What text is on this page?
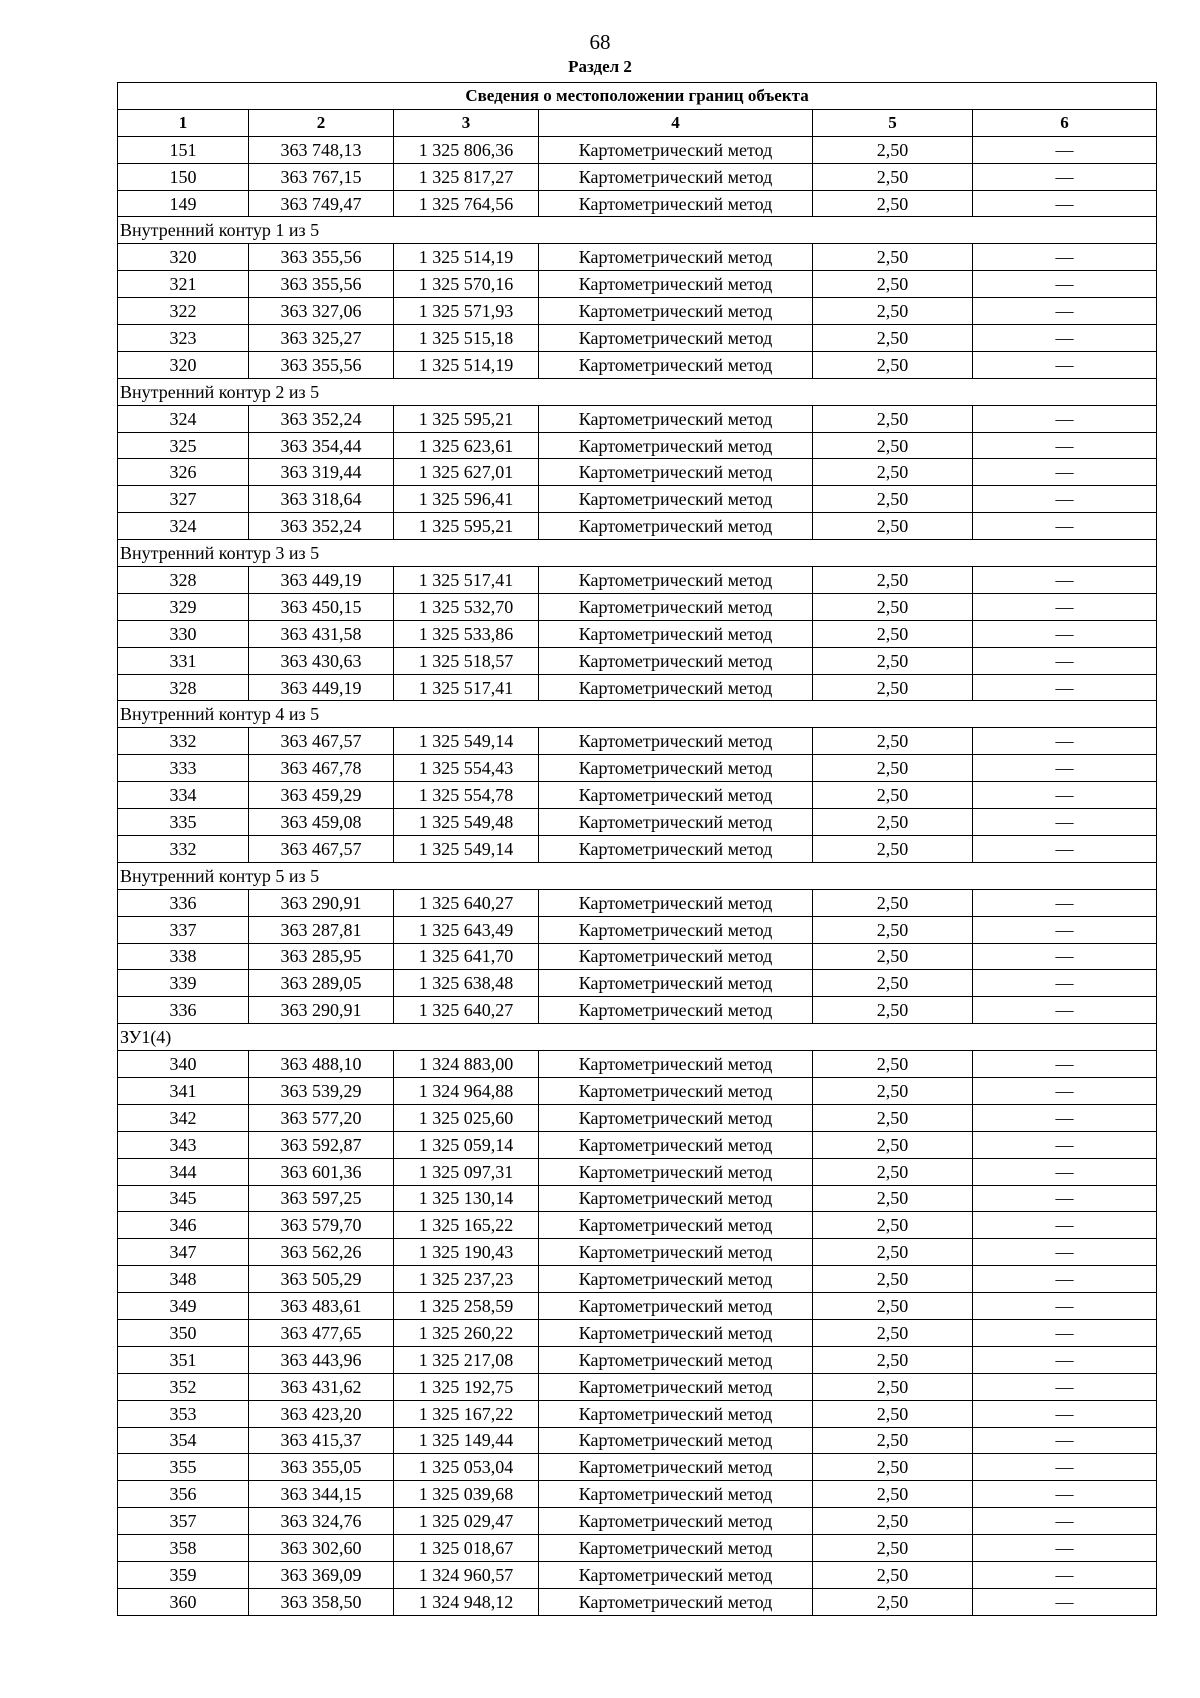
68
Раздел 2
Сведения о местоположении границ объекта					
1	2	3	4	5	6
151	363 748,13	1 325 806,36	Картометрический метод	2,50	—
150	363 767,15	1 325 817,27	Картометрический метод	2,50	—
149	363 749,47	1 325 764,56	Картометрический метод	2,50	—
Внутренний контур 1 из 5					
320	363 355,56	1 325 514,19	Картометрический метод	2,50	—
321	363 355,56	1 325 570,16	Картометрический метод	2,50	—
322	363 327,06	1 325 571,93	Картометрический метод	2,50	—
323	363 325,27	1 325 515,18	Картометрический метод	2,50	—
320	363 355,56	1 325 514,19	Картометрический метод	2,50	—
Внутренний контур 2 из 5					
324	363 352,24	1 325 595,21	Картометрический метод	2,50	—
325	363 354,44	1 325 623,61	Картометрический метод	2,50	—
326	363 319,44	1 325 627,01	Картометрический метод	2,50	—
327	363 318,64	1 325 596,41	Картометрический метод	2,50	—
324	363 352,24	1 325 595,21	Картометрический метод	2,50	—
Внутренний контур 3 из 5					
328	363 449,19	1 325 517,41	Картометрический метод	2,50	—
329	363 450,15	1 325 532,70	Картометрический метод	2,50	—
330	363 431,58	1 325 533,86	Картометрический метод	2,50	—
331	363 430,63	1 325 518,57	Картометрический метод	2,50	—
328	363 449,19	1 325 517,41	Картометрический метод	2,50	—
Внутренний контур 4 из 5					
332	363 467,57	1 325 549,14	Картометрический метод	2,50	—
333	363 467,78	1 325 554,43	Картометрический метод	2,50	—
334	363 459,29	1 325 554,78	Картометрический метод	2,50	—
335	363 459,08	1 325 549,48	Картометрический метод	2,50	—
332	363 467,57	1 325 549,14	Картометрический метод	2,50	—
Внутренний контур 5 из 5					
336	363 290,91	1 325 640,27	Картометрический метод	2,50	—
337	363 287,81	1 325 643,49	Картометрический метод	2,50	—
338	363 285,95	1 325 641,70	Картометрический метод	2,50	—
339	363 289,05	1 325 638,48	Картометрический метод	2,50	—
336	363 290,91	1 325 640,27	Картометрический метод	2,50	—
ЗУ1(4)					
340	363 488,10	1 324 883,00	Картометрический метод	2,50	—
341	363 539,29	1 324 964,88	Картометрический метод	2,50	—
342	363 577,20	1 325 025,60	Картометрический метод	2,50	—
343	363 592,87	1 325 059,14	Картометрический метод	2,50	—
344	363 601,36	1 325 097,31	Картометрический метод	2,50	—
345	363 597,25	1 325 130,14	Картометрический метод	2,50	—
346	363 579,70	1 325 165,22	Картометрический метод	2,50	—
347	363 562,26	1 325 190,43	Картометрический метод	2,50	—
348	363 505,29	1 325 237,23	Картометрический метод	2,50	—
349	363 483,61	1 325 258,59	Картометрический метод	2,50	—
350	363 477,65	1 325 260,22	Картометрический метод	2,50	—
351	363 443,96	1 325 217,08	Картометрический метод	2,50	—
352	363 431,62	1 325 192,75	Картометрический метод	2,50	—
353	363 423,20	1 325 167,22	Картометрический метод	2,50	—
354	363 415,37	1 325 149,44	Картометрический метод	2,50	—
355	363 355,05	1 325 053,04	Картометрический метод	2,50	—
356	363 344,15	1 325 039,68	Картометрический метод	2,50	—
357	363 324,76	1 325 029,47	Картометрический метод	2,50	—
358	363 302,60	1 325 018,67	Картометрический метод	2,50	—
359	363 369,09	1 324 960,57	Картометрический метод	2,50	—
360	363 358,50	1 324 948,12	Картометрический метод	2,50	—
